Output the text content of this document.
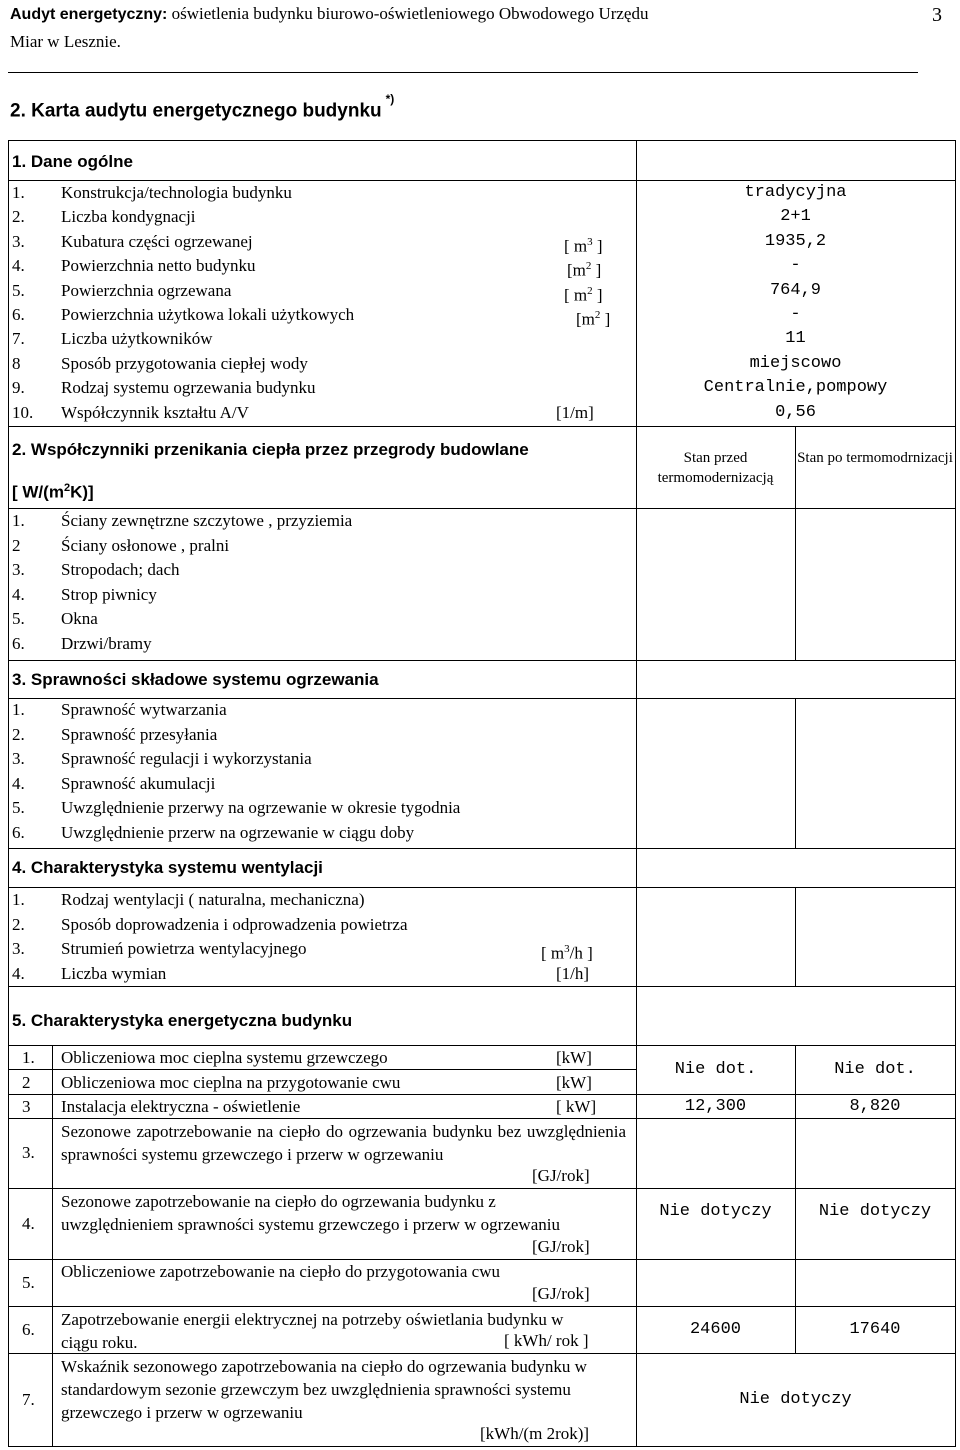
Audyt energetyczny: oświetlenia budynku biurowo-oświetleniowego Obwodowego Urzędu
Miar w Lesznie.
3
2. Karta audytu energetycznego budynku*)
1. Dane ogólne
1. Konstrukcja/technologia budynku	tradycyjna
2. Liczba kondygnacji	2+1
3. Kubatura części ogrzewanej	[ $m^3$ ]	1935,2
4. Powierzchnia netto budynku	[$m^2$ ]	-
5. Powierzchnia ogrzewana	[ $m^2$ ]	764,9
6. Powierzchnia użytkowa lokali użytkowych	[$m^2$ ]	-
7. Liczba użytkowników	11
8 Sposób przygotowania ciepłej wody	miejscowo
9. Rodzaj systemu ogrzewania budynku	Centralnie,pompowy
10. Współczynnik kształtu A/V	[1/m]	0,56
2. Współczynniki przenikania ciepła przez przegrody budowlane
[ $W/(m^2K)$]
Stan przed termomodernizacją
Stan po termomodrnizacji
1. Ściany zewnętrzne szczytowe , przyziemia
2 Ściany osłonowe , pralni
3. Stropodach; dach
4. Strop piwnicy
5. Okna
6. Drzwi/bramy
3. Sprawności składowe systemu ogrzewania
1. Sprawność wytwarzania
2. Sprawność przesyłania
3. Sprawność regulacji i wykorzystania
4. Sprawność akumulacji
5. Uwzględnienie przerwy na ogrzewanie w okresie tygodnia
6. Uwzględnienie przerw na ogrzewanie w ciągu doby
4. Charakterystyka systemu wentylacji
1. Rodzaj wentylacji ( naturalna, mechaniczna)
2. Sposób doprowadzenia i odprowadzenia powietrza
3. Strumień powietrza wentylacyjnego	[ $m^3/h$ ]
4. Liczba wymian	[1/h]
5. Charakterystyka energetyczna budynku
1. Obliczeniowa moc cieplna systemu grzewczego	[kW]
2 Obliczeniowa moc cieplna na przygotowanie cwu	[kW]
Nie dot.	Nie dot.
3 Instalacja elektryczna - oświetlenie	[ kW]	12,300	8,820
3.
Sezonowe zapotrzebowanie na ciepło do ogrzewania budynku bez uwzględnienia sprawności systemu grzewczego i przerw w ogrzewaniu
[GJ/rok]
4.
Sezonowe zapotrzebowanie na ciepło do ogrzewania budynku z uwzględnieniem sprawności systemu grzewczego i przerw w ogrzewaniu
[GJ/rok]
Nie dotyczy	Nie dotyczy
5.
Obliczeniowe zapotrzebowanie na ciepło do przygotowania cwu
[GJ/rok]
6.
Zapotrzebowanie energii elektrycznej na potrzeby oświetlania budynku w ciągu roku.	[ kWh/ rok ]
24600	17640
7.
Wskaźnik sezonowego zapotrzebowania na ciepło do ogrzewania budynku w standardowym sezonie grzewczym bez uwzględnienia sprawności systemu grzewczego i przerw w ogrzewaniu
[kWh/(m 2rok)]
Nie dotyczy
